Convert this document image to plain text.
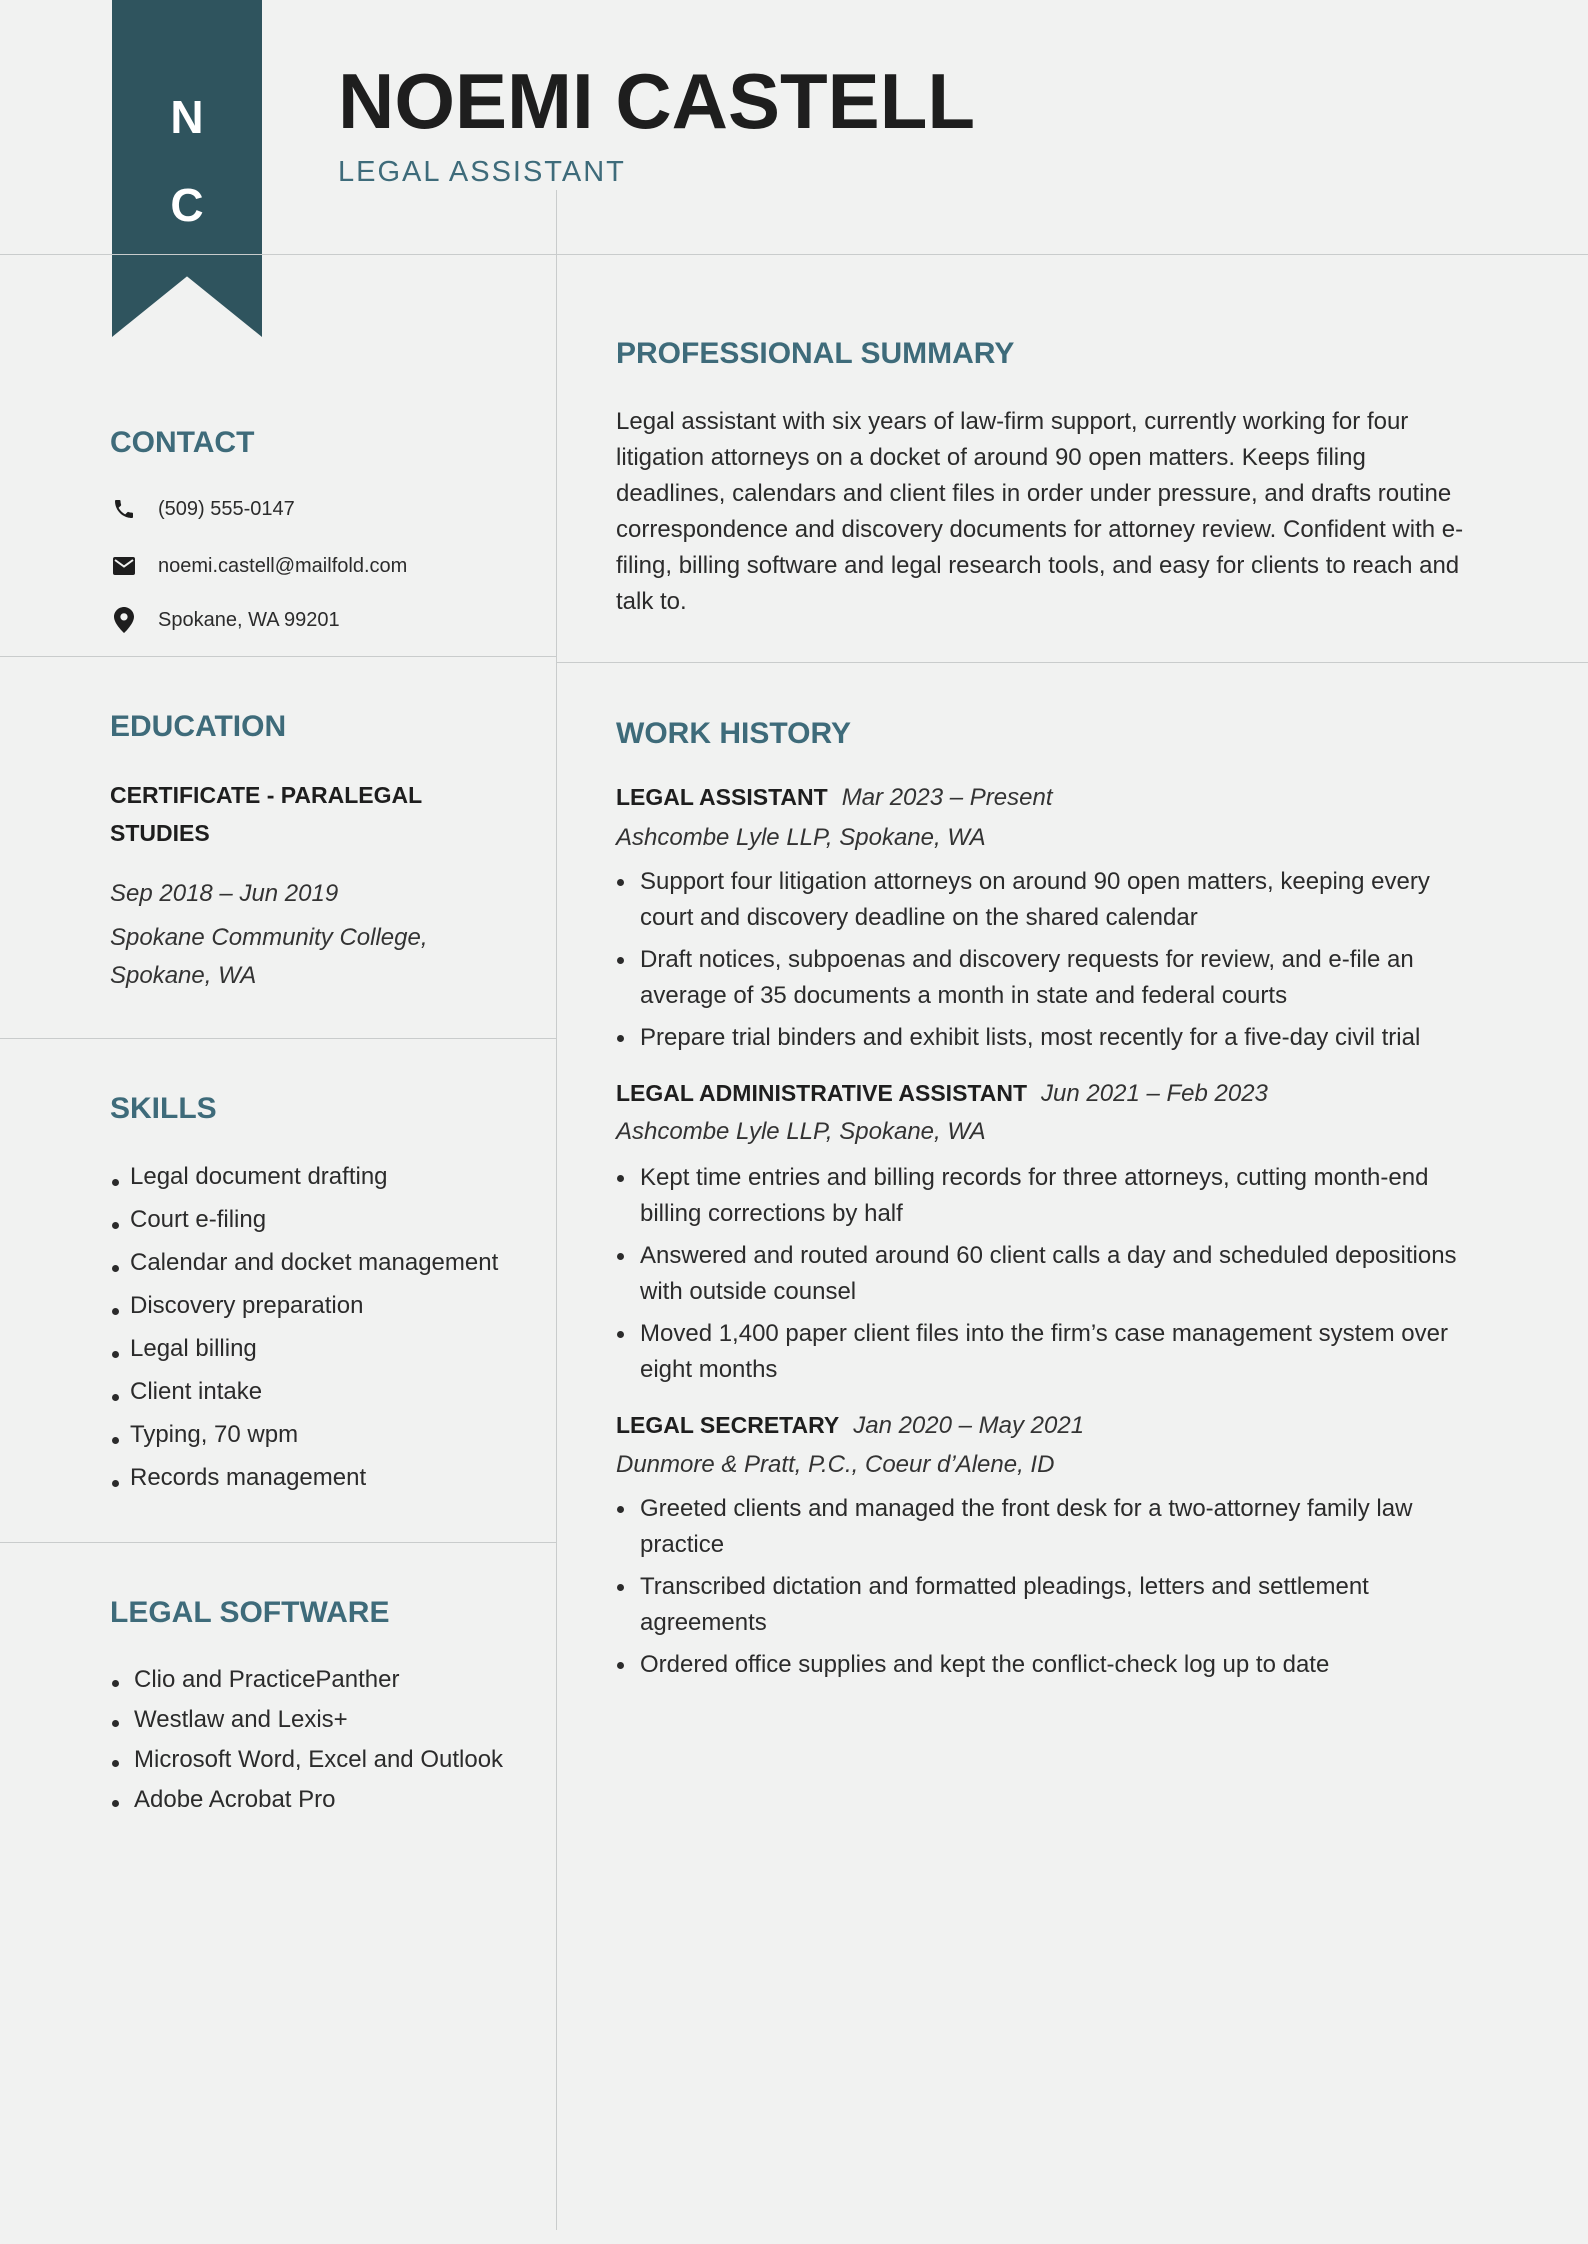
N
C
NOEMI CASTELL
LEGAL ASSISTANT
CONTACT
(509) 555-0147
noemi.castell@mailfold.com
Spokane, WA 99201
EDUCATION
CERTIFICATE - PARALEGAL STUDIES
Sep 2018 – Jun 2019
Spokane Community College, Spokane, WA
SKILLS
Legal document drafting
Court e-filing
Calendar and docket management
Discovery preparation
Legal billing
Client intake
Typing, 70 wpm
Records management
LEGAL SOFTWARE
Clio and PracticePanther
Westlaw and Lexis+
Microsoft Word, Excel and Outlook
Adobe Acrobat Pro
PROFESSIONAL SUMMARY
Legal assistant with six years of law-firm support, currently working for four litigation attorneys on a docket of around 90 open matters. Keeps filing deadlines, calendars and client files in order under pressure, and drafts routine correspondence and discovery documents for attorney review. Confident with e-filing, billing software and legal research tools, and easy for clients to reach and talk to.
WORK HISTORY
LEGAL ASSISTANT Mar 2023 – Present
Ashcombe Lyle LLP, Spokane, WA
Support four litigation attorneys on around 90 open matters, keeping every court and discovery deadline on the shared calendar
Draft notices, subpoenas and discovery requests for review, and e-file an average of 35 documents a month in state and federal courts
Prepare trial binders and exhibit lists, most recently for a five-day civil trial
LEGAL ADMINISTRATIVE ASSISTANT Jun 2021 – Feb 2023
Ashcombe Lyle LLP, Spokane, WA
Kept time entries and billing records for three attorneys, cutting month-end billing corrections by half
Answered and routed around 60 client calls a day and scheduled depositions with outside counsel
Moved 1,400 paper client files into the firm’s case management system over eight months
LEGAL SECRETARY Jan 2020 – May 2021
Dunmore & Pratt, P.C., Coeur d’Alene, ID
Greeted clients and managed the front desk for a two-attorney family law practice
Transcribed dictation and formatted pleadings, letters and settlement agreements
Ordered office supplies and kept the conflict-check log up to date
